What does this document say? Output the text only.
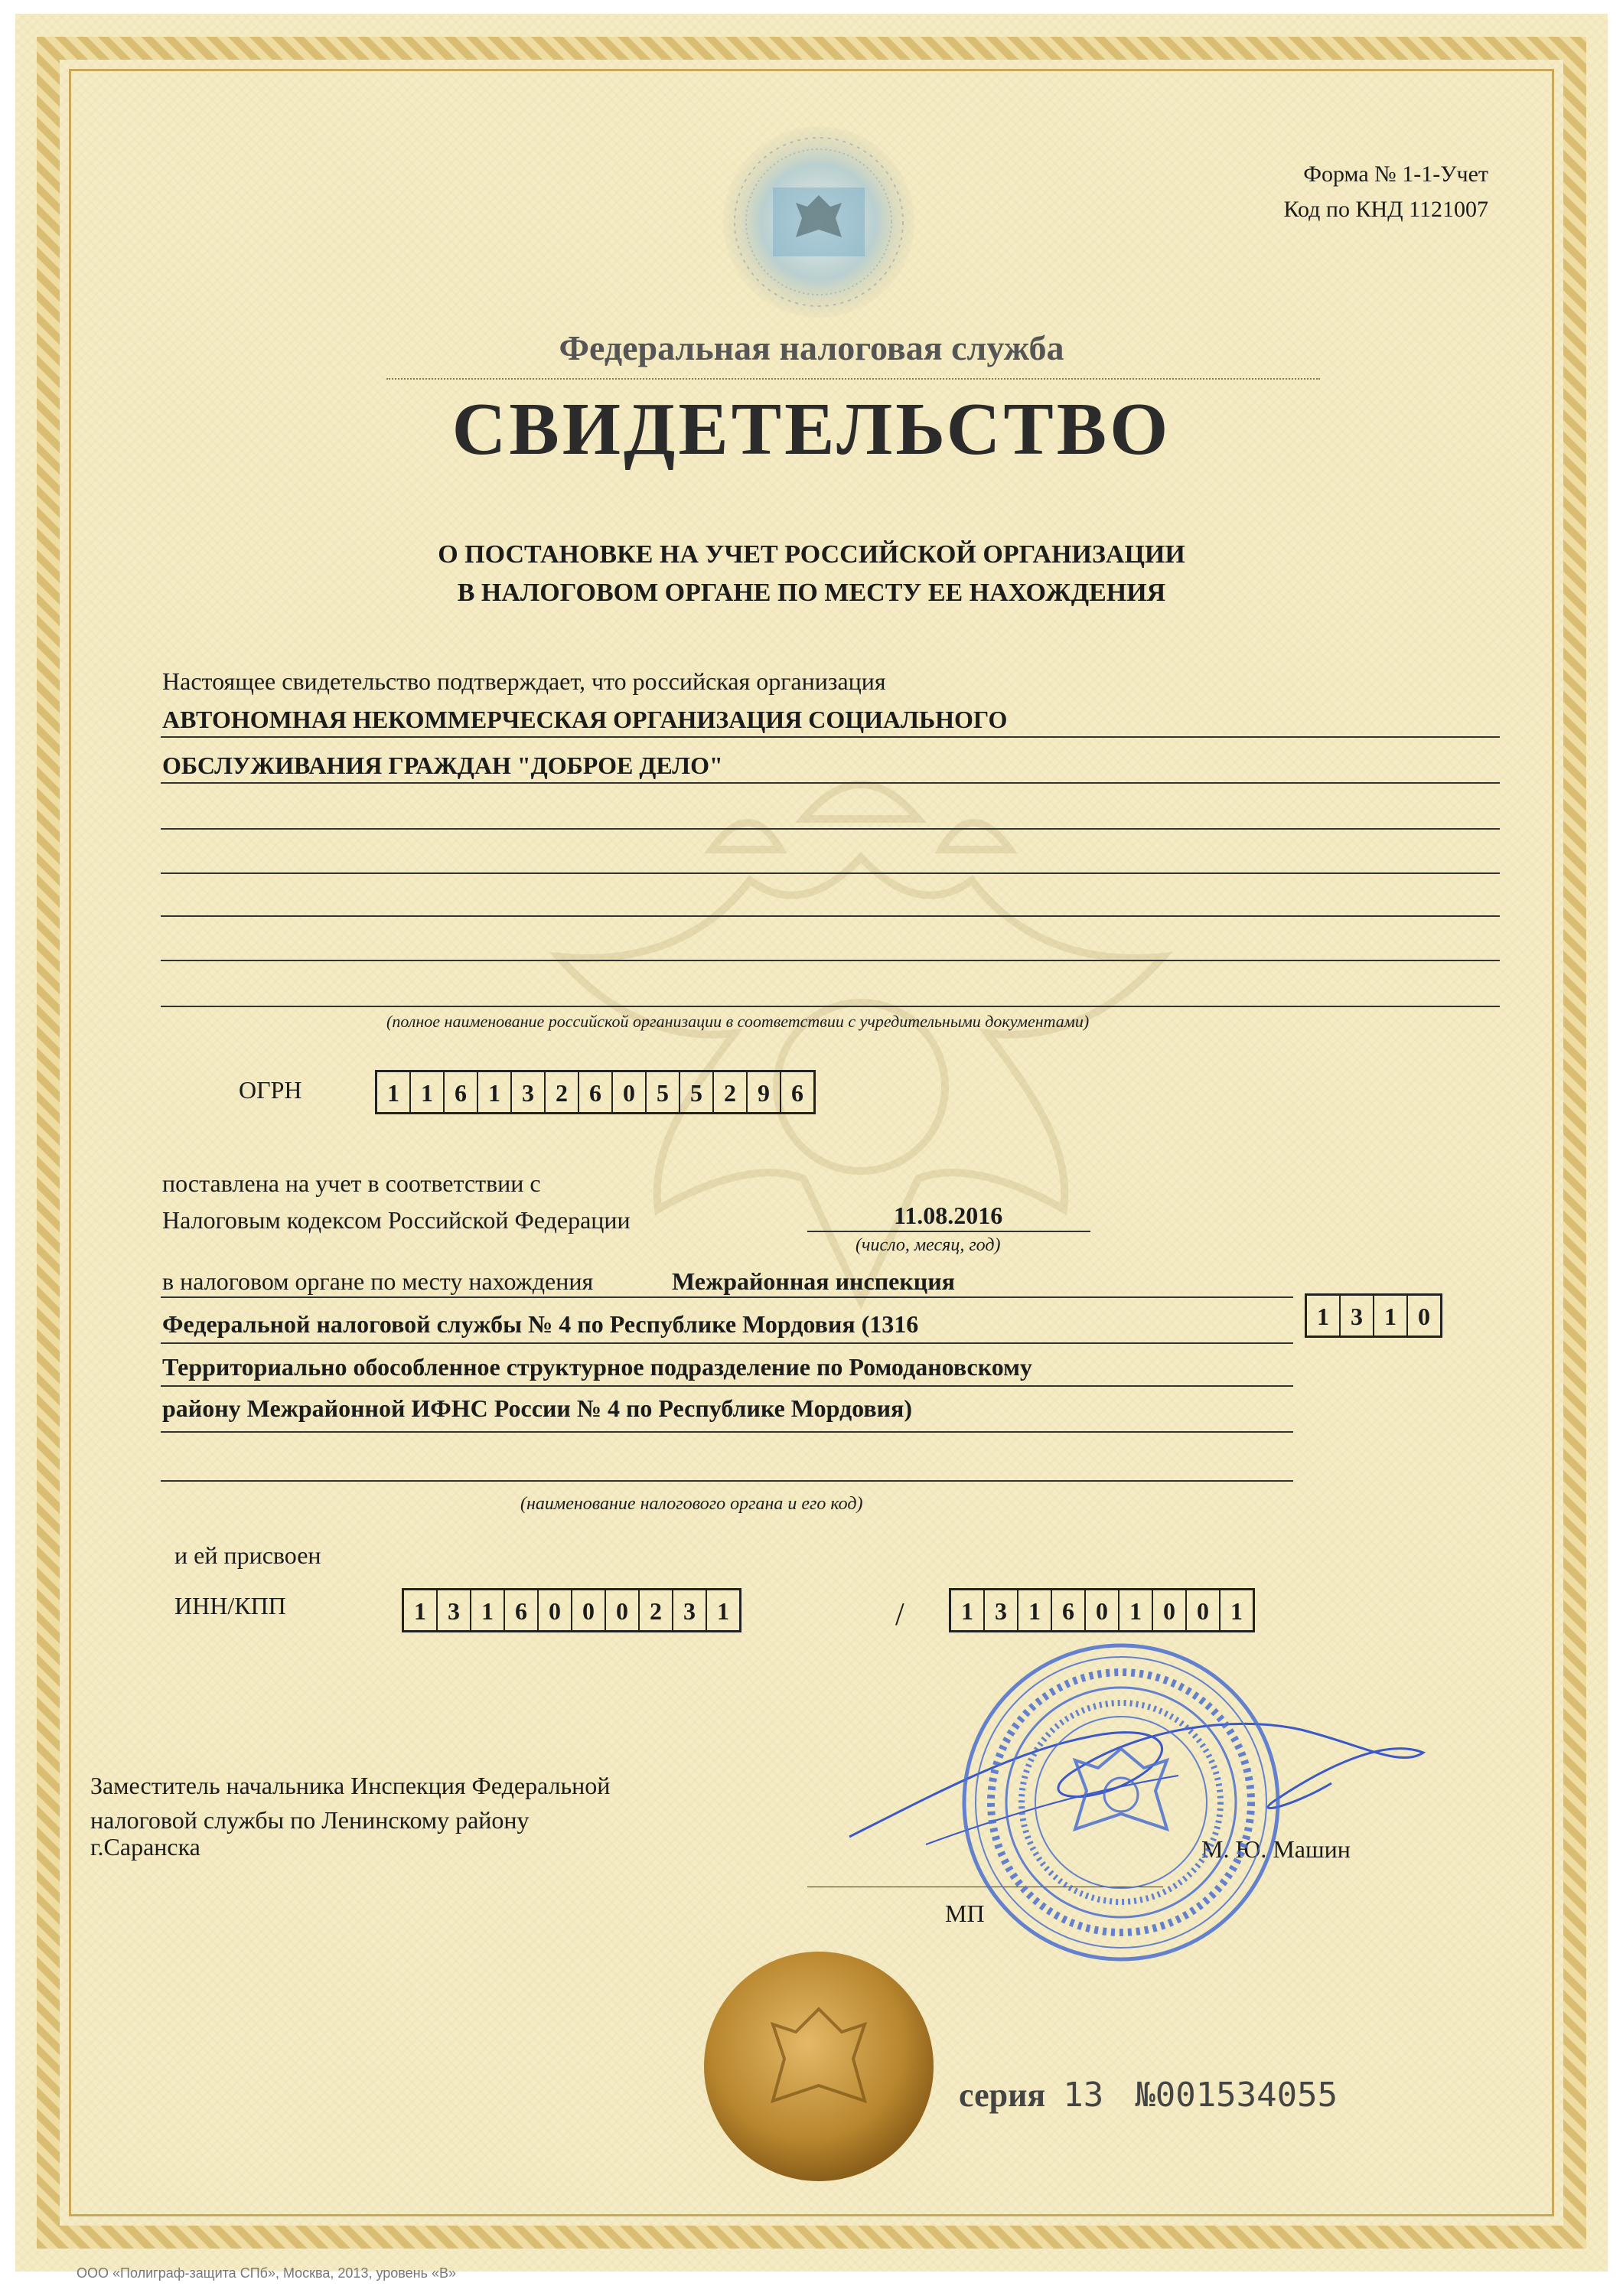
Форма № 1-1-Учет
Код по КНД 1121007
Федеральная налоговая служба
СВИДЕТЕЛЬСТВО
О ПОСТАНОВКЕ НА УЧЕТ РОССИЙСКОЙ ОРГАНИЗАЦИИ
В НАЛОГОВОМ ОРГАНЕ ПО МЕСТУ ЕЕ НАХОЖДЕНИЯ
Настоящее свидетельство подтверждает, что российская организация
АВТОНОМНАЯ НЕКОММЕРЧЕСКАЯ ОРГАНИЗАЦИЯ СОЦИАЛЬНОГО
ОБСЛУЖИВАНИЯ ГРАЖДАН "ДОБРОЕ ДЕЛО"
(полное наименование российской организации в соответствии с учредительными документами)
ОГРН	1 1 6 1 3 2 6 0 5 5 2 9 6
поставлена на учет в соответствии с
Налоговым кодексом Российской Федерации	11.08.2016
(число, месяц, год)
в налоговом органе по месту нахождения	Межрайонная инспекция
Федеральной налоговой службы № 4 по Республике Мордовия (1316	1 3 1 0
Территориально обособленное структурное подразделение по Ромодановскому
району Межрайонной ИФНС России № 4 по Республике Мордовия)
(наименование налогового органа и его код)
и ей присвоен
ИНН/КПП	1 3 1 6 0 0 0 2 3 1	/	1 3 1 6 0 1 0 0 1
Заместитель начальника Инспекция Федеральной
налоговой службы по Ленинскому району
г.Саранска	М. Ю. Машин
МП
серия 13 №001534055
ООО «Полиграф-защита СПб», Москва, 2013, уровень «В»
